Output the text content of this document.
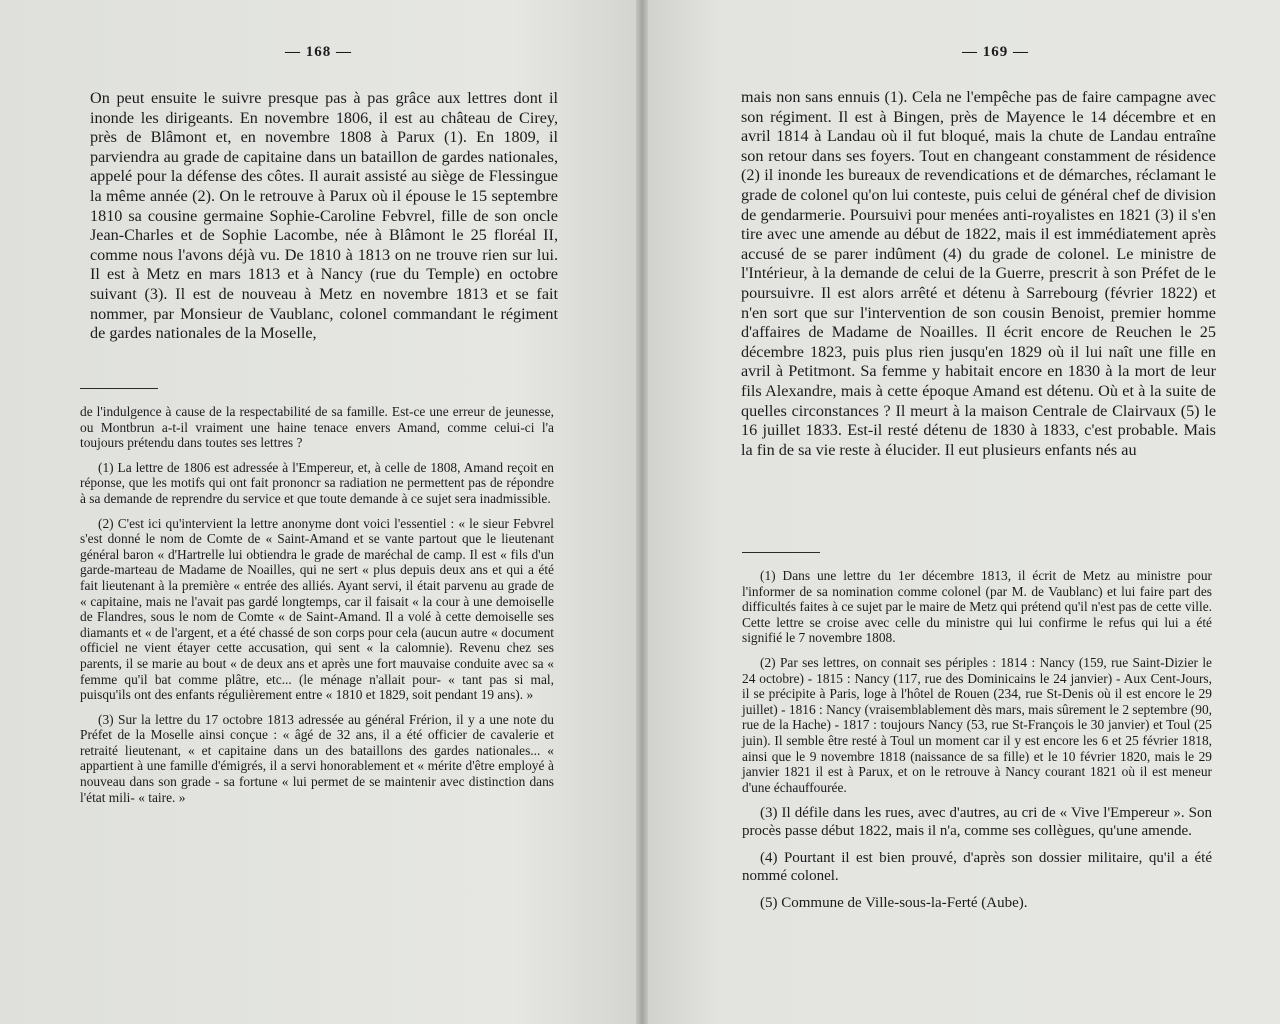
— 168 —

On peut ensuite le suivre presque pas à pas grâce aux lettres dont il inonde les dirigeants. En novembre 1806, il est au château de Cirey, près de Blâmont et, en novembre 1808 à Parux (1). En 1809, il parviendra au grade de capitaine dans un bataillon de gardes nationales, appelé pour la défense des côtes. Il aurait assisté au siège de Flessingue la même année (2). On le retrouve à Parux où il épouse le 15 septembre 1810 sa cousine germaine Sophie-Caroline Febvrel, fille de son oncle Jean-Charles et de Sophie Lacombe, née à Blâmont le 25 floréal II, comme nous l'avons déjà vu. De 1810 à 1813 on ne trouve rien sur lui. Il est à Metz en mars 1813 et à Nancy (rue du Temple) en octobre suivant (3). Il est de nouveau à Metz en novembre 1813 et se fait nommer, par Monsieur de Vaublanc, colonel commandant le régiment de gardes nationales de la Moselle,

de l'indulgence à cause de la respectabilité de sa famille. Est-ce une erreur de jeunesse, ou Montbrun a-t-il vraiment une haine tenace envers Amand, comme celui-ci l'a toujours prétendu dans toutes ses lettres ?

(1) La lettre de 1806 est adressée à l'Empereur, et, à celle de 1808, Amand reçoit en réponse, que les motifs qui ont fait prononcr sa radiation ne permettent pas de répondre à sa demande de reprendre du service et que toute demande à ce sujet sera inadmissible.

(2) C'est ici qu'intervient la lettre anonyme dont voici l'essentiel : « le sieur Febvrel s'est donné le nom de Comte de « Saint-Amand et se vante partout que le lieutenant général baron « d'Hartrelle lui obtiendra le grade de maréchal de camp. Il est « fils d'un garde-marteau de Madame de Noailles, qui ne sert « plus depuis deux ans et qui a été fait lieutenant à la première « entrée des alliés. Ayant servi, il était parvenu au grade de « capitaine, mais ne l'avait pas gardé longtemps, car il faisait « la cour à une demoiselle de Flandres, sous le nom de Comte « de Saint-Amand. Il a volé à cette demoiselle ses diamants et « de l'argent, et a été chassé de son corps pour cela (aucun autre « document officiel ne vient étayer cette accusation, qui sent « la calomnie). Revenu chez ses parents, il se marie au bout « de deux ans et après une fort mauvaise conduite avec sa « femme qu'il bat comme plâtre, etc... (le ménage n'allait pour- « tant pas si mal, puisqu'ils ont des enfants régulièrement entre « 1810 et 1829, soit pendant 19 ans). »

(3) Sur la lettre du 17 octobre 1813 adressée au général Frérion, il y a une note du Préfet de la Moselle ainsi conçue : « âgé de 32 ans, il a été officier de cavalerie et retraité lieutenant, « et capitaine dans un des bataillons des gardes nationales... « appartient à une famille d'émigrés, il a servi honorablement et « mérite d'être employé à nouveau dans son grade - sa fortune « lui permet de se maintenir avec distinction dans l'état mili- « taire. »

— 169 —

mais non sans ennuis (1). Cela ne l'empêche pas de faire campagne avec son régiment. Il est à Bingen, près de Mayence le 14 décembre et en avril 1814 à Landau où il fut bloqué, mais la chute de Landau entraîne son retour dans ses foyers. Tout en changeant constamment de résidence (2) il inonde les bureaux de revendications et de démarches, réclamant le grade de colonel qu'on lui conteste, puis celui de général chef de division de gendarmerie. Poursuivi pour menées anti-royalistes en 1821 (3) il s'en tire avec une amende au début de 1822, mais il est immédiatement après accusé de se parer indûment (4) du grade de colonel. Le ministre de l'Intérieur, à la demande de celui de la Guerre, prescrit à son Préfet de le poursuivre. Il est alors arrêté et détenu à Sarrebourg (février 1822) et n'en sort que sur l'intervention de son cousin Benoist, premier homme d'affaires de Madame de Noailles. Il écrit encore de Reuchen le 25 décembre 1823, puis plus rien jusqu'en 1829 où il lui naît une fille en avril à Petitmont. Sa femme y habitait encore en 1830 à la mort de leur fils Alexandre, mais à cette époque Amand est détenu. Où et à la suite de quelles circonstances ? Il meurt à la maison Centrale de Clairvaux (5) le 16 juillet 1833. Est-il resté détenu de 1830 à 1833, c'est probable. Mais la fin de sa vie reste à élucider. Il eut plusieurs enfants nés au

(1) Dans une lettre du 1er décembre 1813, il écrit de Metz au ministre pour l'informer de sa nomination comme colonel (par M. de Vaublanc) et lui faire part des difficultés faites à ce sujet par le maire de Metz qui prétend qu'il n'est pas de cette ville. Cette lettre se croise avec celle du ministre qui lui confirme le refus qui lui a été signifié le 7 novembre 1808.

(2) Par ses lettres, on connait ses périples : 1814 : Nancy (159, rue Saint-Dizier le 24 octobre) - 1815 : Nancy (117, rue des Dominicains le 24 janvier) - Aux Cent-Jours, il se précipite à Paris, loge à l'hôtel de Rouen (234, rue St-Denis où il est encore le 29 juillet) - 1816 : Nancy (vraisemblablement dès mars, mais sûrement le 2 septembre (90, rue de la Hache) - 1817 : toujours Nancy (53, rue St-François le 30 janvier) et Toul (25 juin). Il semble être resté à Toul un moment car il y est encore les 6 et 25 février 1818, ainsi que le 9 novembre 1818 (naissance de sa fille) et le 10 février 1820, mais le 29 janvier 1821 il est à Parux, et on le retrouve à Nancy courant 1821 où il est meneur d'une échauffourée.

(3) Il défile dans les rues, avec d'autres, au cri de « Vive l'Empereur ». Son procès passe début 1822, mais il n'a, comme ses collègues, qu'une amende.

(4) Pourtant il est bien prouvé, d'après son dossier militaire, qu'il a été nommé colonel.

(5) Commune de Ville-sous-la-Ferté (Aube).
